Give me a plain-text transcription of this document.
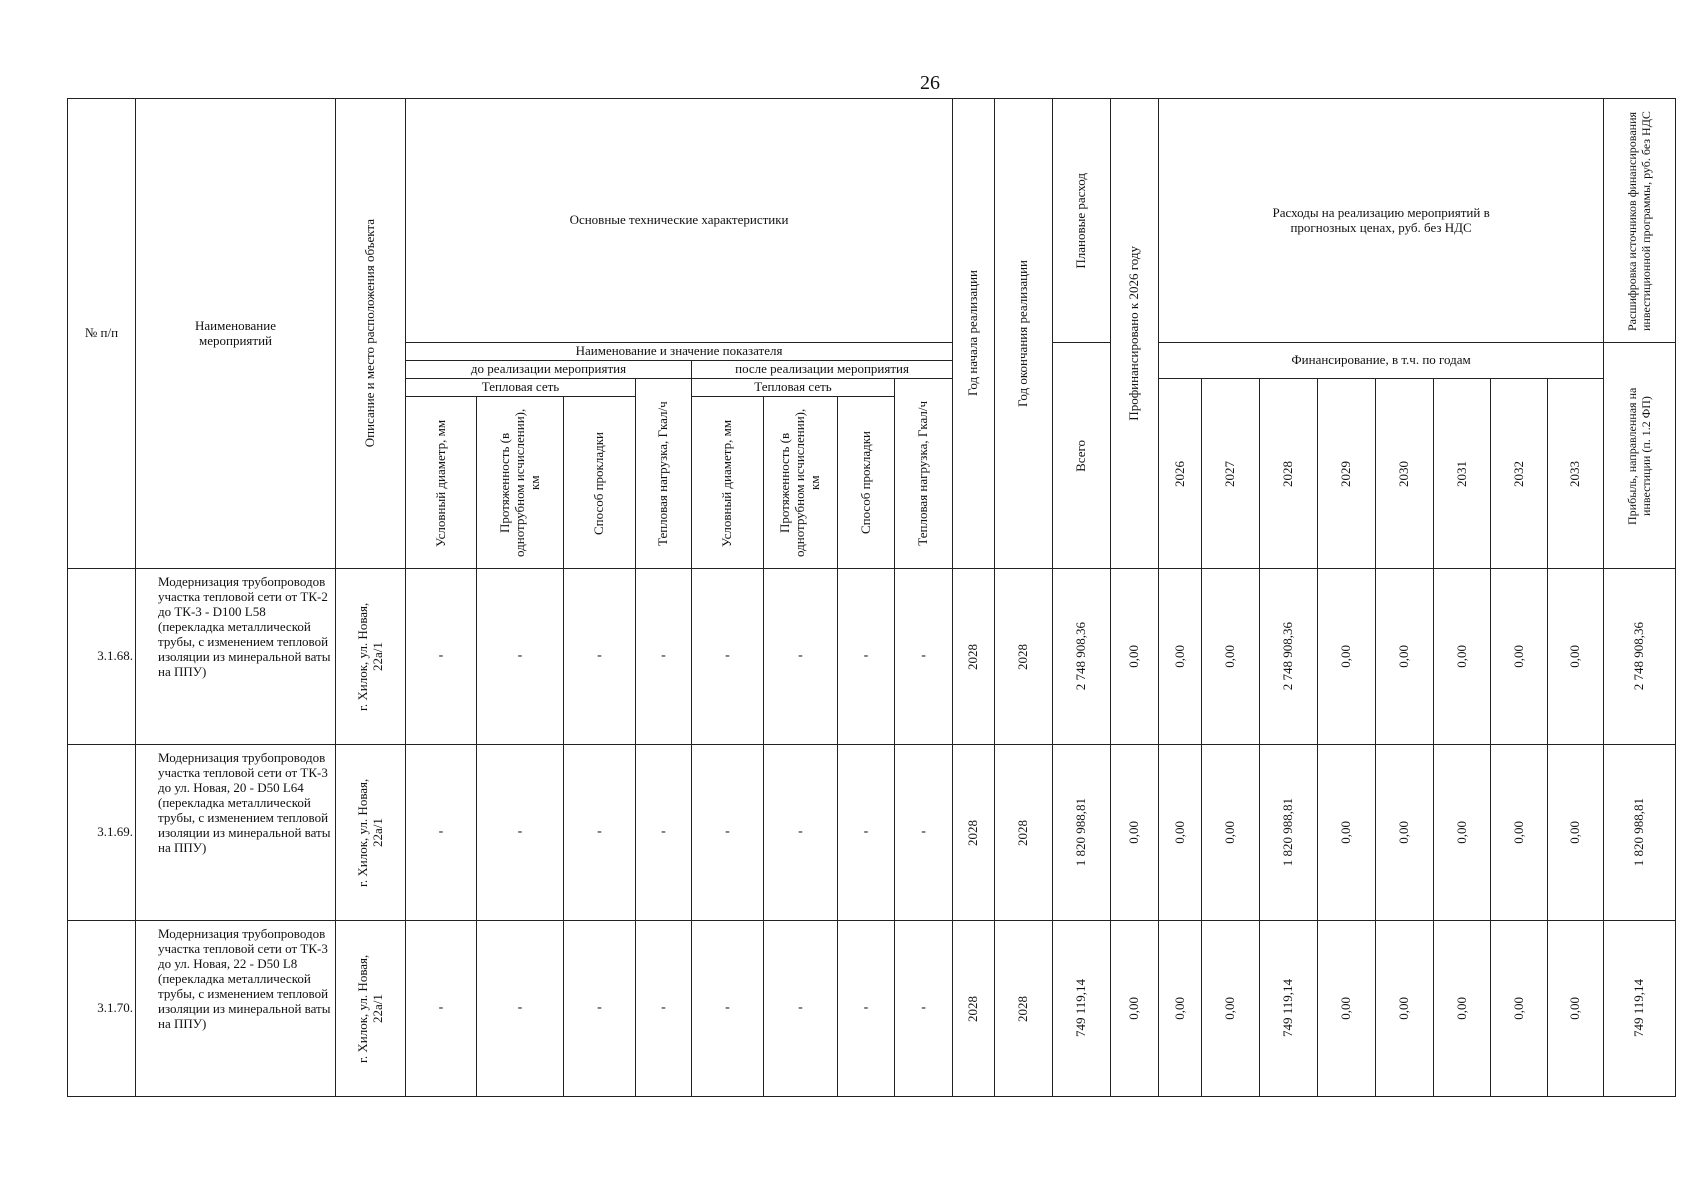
26
№ п/п	Наименование мероприятий	Описание и место расположения объекта	Основные технические характеристики								Год начала реализации	Год окончания реализации	Плановые расход	Профинансировано к 2026 году	Расходы на реализацию мероприятий в прогнозных ценах, руб. без НДС								Расшифровка источников финансирования инвестиционной программы, руб. без НДС

			Наименование и значение показателя										Всего		Финансирование, в т.ч. по годам								Прибыль, направленная на инвестиции (п. 1.2 ФП)

			до реализации мероприятия				после реализации мероприятия																
			Тепловая сеть			Тепловая нагрузка, Гкал/ч	Тепловая сеть			Тепловая нагрузка, Гкал/ч					2026	2027	2028	2029	2030	2031	2032	2033	

			Условный диаметр, мм	Протяженность (в однотрубном исчислении), км	Способ прокладки		Условный диаметр, мм	Протяженность (в однотрубном исчислении), км	Способ прокладки														

3.1.68.	Модернизация трубопроводов участка тепловой сети от ТК-2 до ТК-3 - D100 L58 (перекладка металлической трубы, с изменением тепловой изоляции из минеральной ваты на ППУ)	г. Хилок, ул. Новая, 22а/1	-	-	-	-	-	-	-	-	2028	2028	2 748 908,36	0,00	0,00	0,00	2 748 908,36	0,00	0,00	0,00	0,00	0,00	2 748 908,36

3.1.69.	Модернизация трубопроводов участка тепловой сети от ТК-3 до ул. Новая, 20 - D50 L64 (перекладка металлической трубы, с изменением тепловой изоляции из минеральной ваты на ППУ)	г. Хилок, ул. Новая, 22а/1	-	-	-	-	-	-	-	-	2028	2028	1 820 988,81	0,00	0,00	0,00	1 820 988,81	0,00	0,00	0,00	0,00	0,00	1 820 988,81

3.1.70.	Модернизация трубопроводов участка тепловой сети от ТК-3 до ул. Новая, 22 - D50 L8 (перекладка металлической трубы, с изменением тепловой изоляции из минеральной ваты на ППУ)	г. Хилок, ул. Новая, 22а/1	-	-	-	-	-	-	-	-	2028	2028	749 119,14	0,00	0,00	0,00	749 119,14	0,00	0,00	0,00	0,00	0,00	749 119,14
